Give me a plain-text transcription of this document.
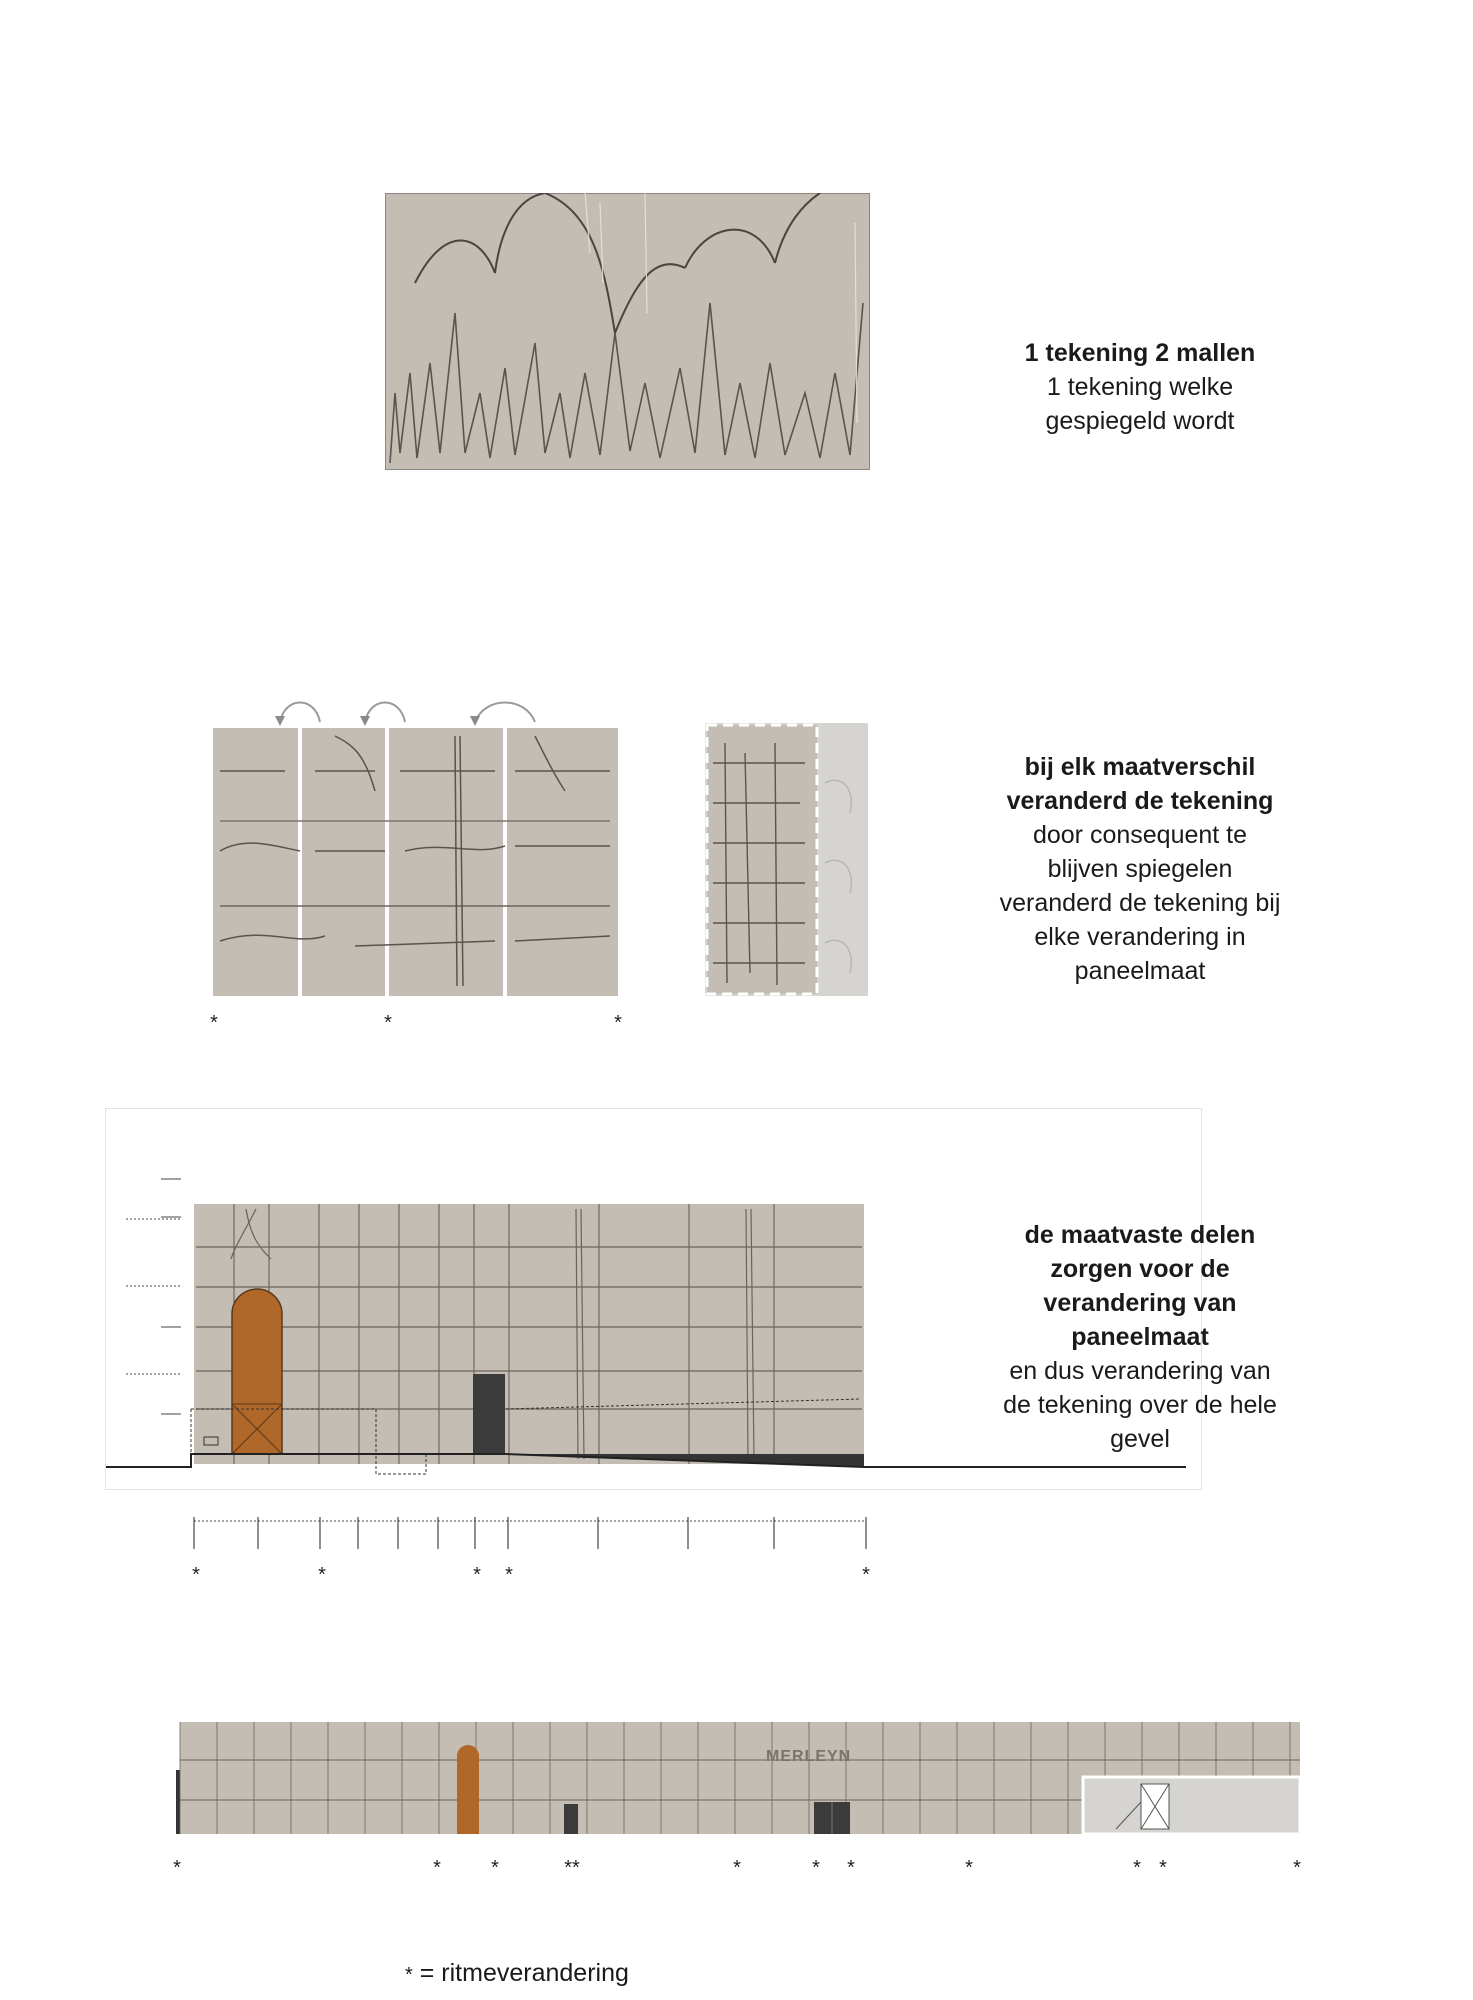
1 tekening 2 mallen
1 tekening welke
gespiegeld wordt
*	*	*
bij elk maatverschil
veranderd de tekening
door consequent te
blijven spiegelen
veranderd de tekening bij
elke verandering in
paneelmaat
de maatvaste delen
zorgen voor de
verandering van
paneelmaat
en dus verandering van
de tekening over de hele
gevel
*	*	* *	*
MERLEYN
*	*	*	**	*	* *	*	* *	*
* = ritmeverandering
